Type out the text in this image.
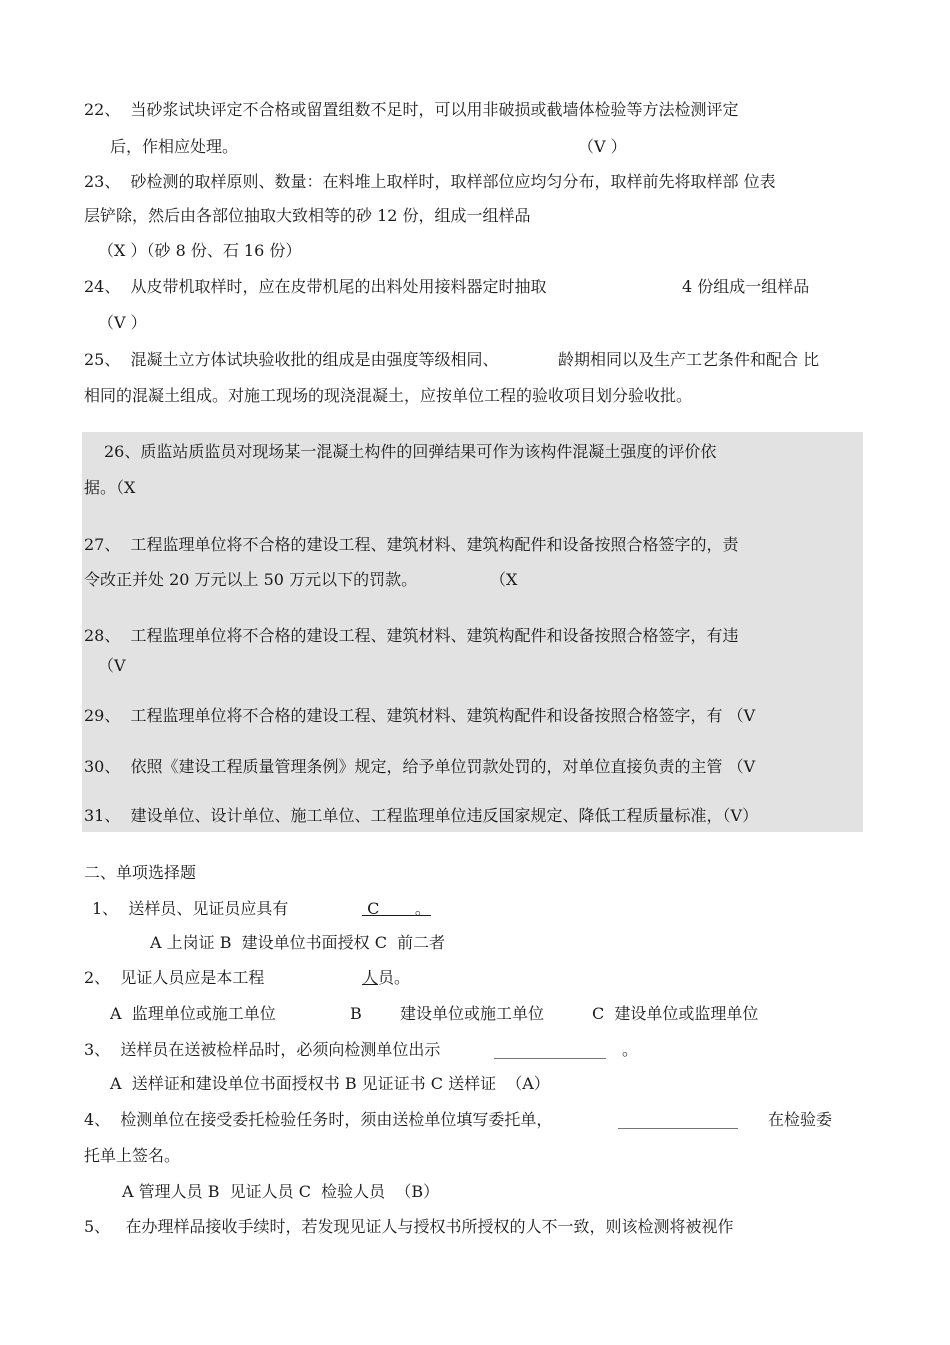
22、  当砂浆试块评定不合格或留置组数不足时，可以用非破损或截墙体检验等方法检测评定
后，作相应处理。	（V ）
23、  砂检测的取样原则、数量：在料堆上取样时，取样部位应均匀分布，取样前先将取样部 位表
层铲除，然后由各部位抽取大致相等的砂 12 份，组成一组样品
（X ）（砂 8 份、石 16 份）
24、  从皮带机取样时，应在皮带机尾的出料处用接料器定时抽取	4 份组成一组样品
（V ）
25、  混凝土立方体试块验收批的组成是由强度等级相同、	龄期相同以及生产工艺条件和配合 比
相同的混凝土组成。对施工现场的现浇混凝土，应按单位工程的验收项目划分验收批。
26、质监站质监员对现场某一混凝土构件的回弹结果可作为该构件混凝土强度的评价依
据。（X
27、  工程监理单位将不合格的建设工程、建筑材料、建筑构配件和设备按照合格签字的，责
令改正并处 20 万元以上 50 万元以下的罚款。	（X
28、  工程监理单位将不合格的建设工程、建筑材料、建筑构配件和设备按照合格签字，有违
（V
29、  工程监理单位将不合格的建设工程、建筑材料、建筑构配件和设备按照合格签字，有 （V
30、  依照《建设工程质量管理条例》规定，给予单位罚款处罚的，对单位直接负责的主管 （V
31、  建设单位、设计单位、施工单位、工程监理单位违反国家规定、降低工程质量标准，（V）
二、单项选择题
1、  送样员、见证员应具有	C       。
A 上岗证 B  建设单位书面授权 C  前二者
2、  见证人员应是本工程	人 员。
A  监理单位或施工单位	B 建设单位或施工单位	C  建设单位或监理单位
3、  送样员在送被检样品时，必须向检测单位出示	______________ 。
A  送样证和建设单位书面授权书 B 见证证书 C 送样证  （A）
4、  检测单位在接受委托检验任务时，须由送检单位填写委托单，	_______________ 在检验委
托单上签名。
A 管理人员 B  见证人员 C  检验人员  （B）
5、   在办理样品接收手续时，若发现见证人与授权书所授权的人不一致，则该检测将被视作
